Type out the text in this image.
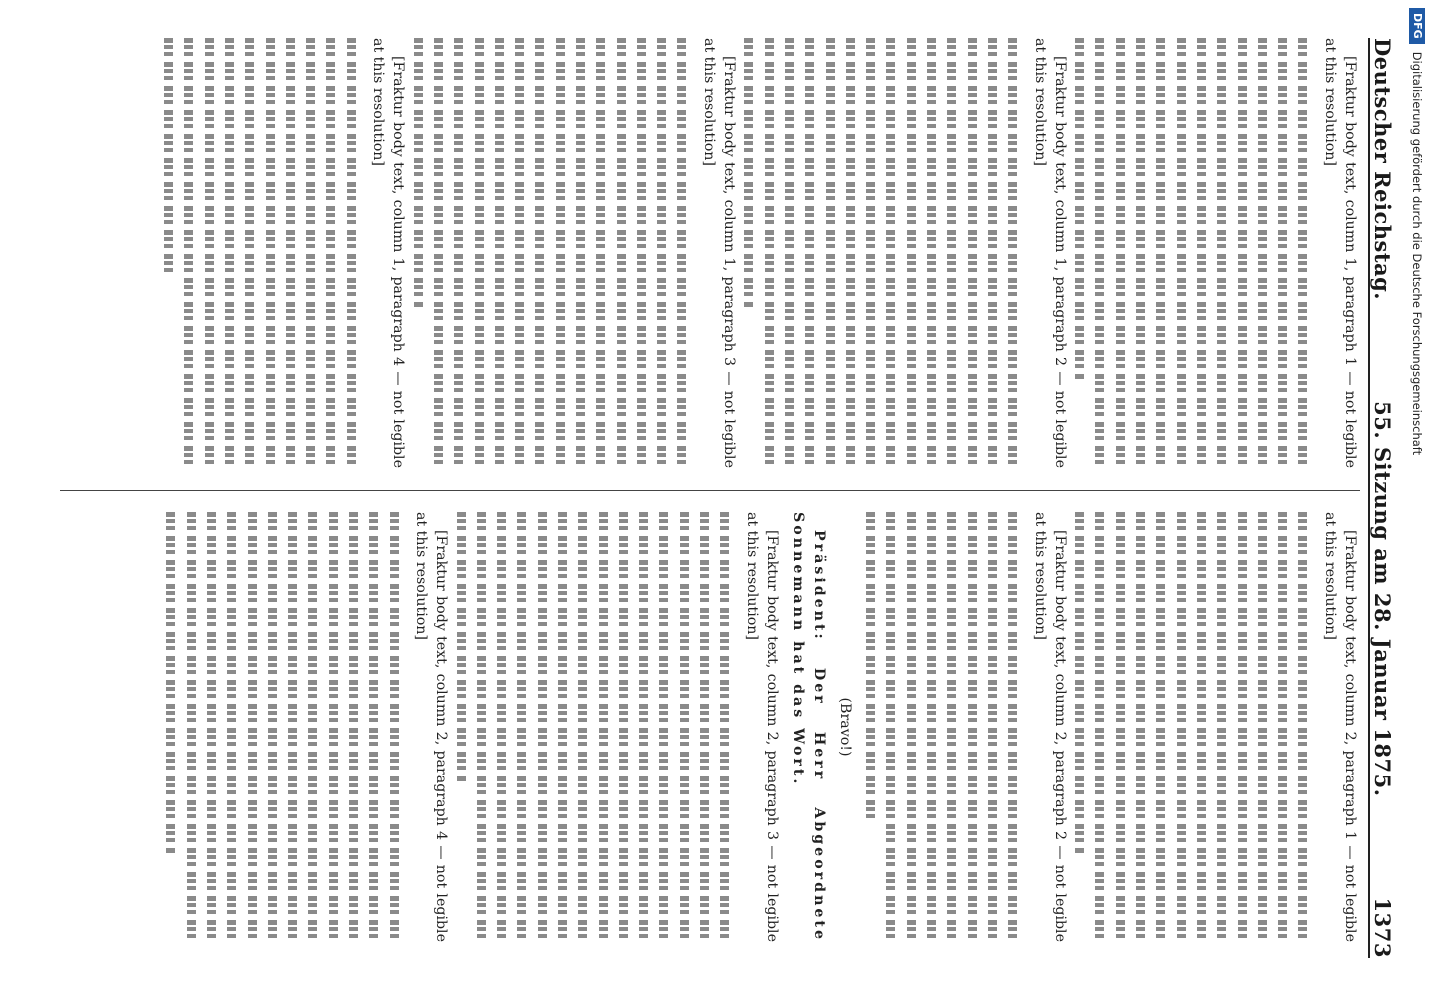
Deutscher Reichstag.
55. Sitzung am 28. Januar 1875.
1373

[Fraktur body text, column 1, paragraph 1 — not legible at this resolution]

[Fraktur body text, column 1, paragraph 2 — not legible at this resolution]

[Fraktur body text, column 1, paragraph 3 — not legible at this resolution]

[Fraktur body text, column 1, paragraph 4 — not legible at this resolution]

[Fraktur body text, column 2, paragraph 1 — not legible at this resolution]

[Fraktur body text, column 2, paragraph 2 — not legible at this resolution]

(Bravo!)

Präsident: Der Herr Abgeordnete Sonnemann hat das Wort.

[Fraktur body text, column 2, paragraph 3 — not legible at this resolution]

[Fraktur body text, column 2, paragraph 4 — not legible at this resolution]

DFG
Digitalisierung gefördert durch die Deutsche Forschungsgemeinschaft
